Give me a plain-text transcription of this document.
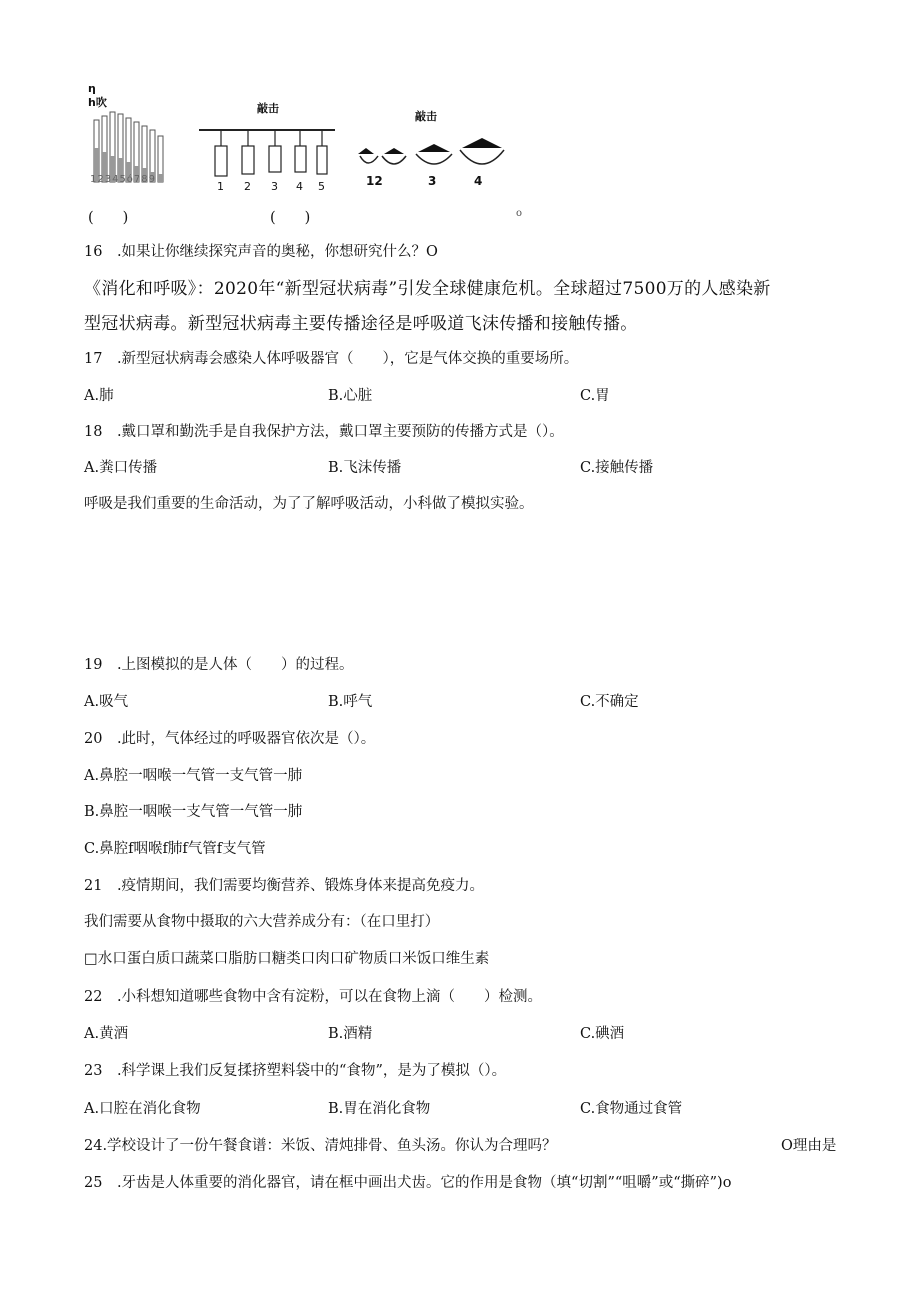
η
h吹
12345ó789
敲击
1 2 3 4 5
敲击
12	3	4
(　　)	(　　)	o
16　.如果让你继续探究声音的奥秘，你想研究什么？O
《消化和呼吸》：2020年“新型冠状病毒”引发全球健康危机。全球超过7500万的人感染新
型冠状病毒。新型冠状病毒主要传播途径是呼吸道飞沫传播和接触传播。
17　.新型冠状病毒会感染人体呼吸器官（　　），它是气体交换的重要场所。
A.肺	B.心脏	C.胃
18　.戴口罩和勤洗手是自我保护方法，戴口罩主要预防的传播方式是（）。
A.粪口传播	B.飞沫传播	C.接触传播
呼吸是我们重要的生命活动，为了了解呼吸活动，小科做了模拟实验。
19　.上图模拟的是人体（　　）的过程。
A.吸气	B.呼气	C.不确定
20　.此时，气体经过的呼吸器官依次是（）。
A.鼻腔一咽喉一气管一支气管一肺
B.鼻腔一咽喉一支气管一气管一肺
C.鼻腔f咽喉f肺f气管f支气管
21　.疫情期间，我们需要均衡营养、锻炼身体来提高免疫力。
我们需要从食物中摄取的六大营养成分有：（在口里打）
□水口蛋白质口蔬菜口脂肪口糖类口肉口矿物质口米饭口维生素
22　.小科想知道哪些食物中含有淀粉，可以在食物上滴（　　）检测。
A.黄酒	B.酒精	C.碘酒
23　.科学课上我们反复揉挤塑料袋中的“食物”，是为了模拟（）。
A.口腔在消化食物	B.胃在消化食物	C.食物通过食管
24.学校设计了一份午餐食谱：米饭、清炖排骨、鱼头汤。你认为合理吗？	O理由是
25　.牙齿是人体重要的消化器官，请在框中画出犬齿。它的作用是食物（填“切割”“咀嚼”或“撕碎”)o
